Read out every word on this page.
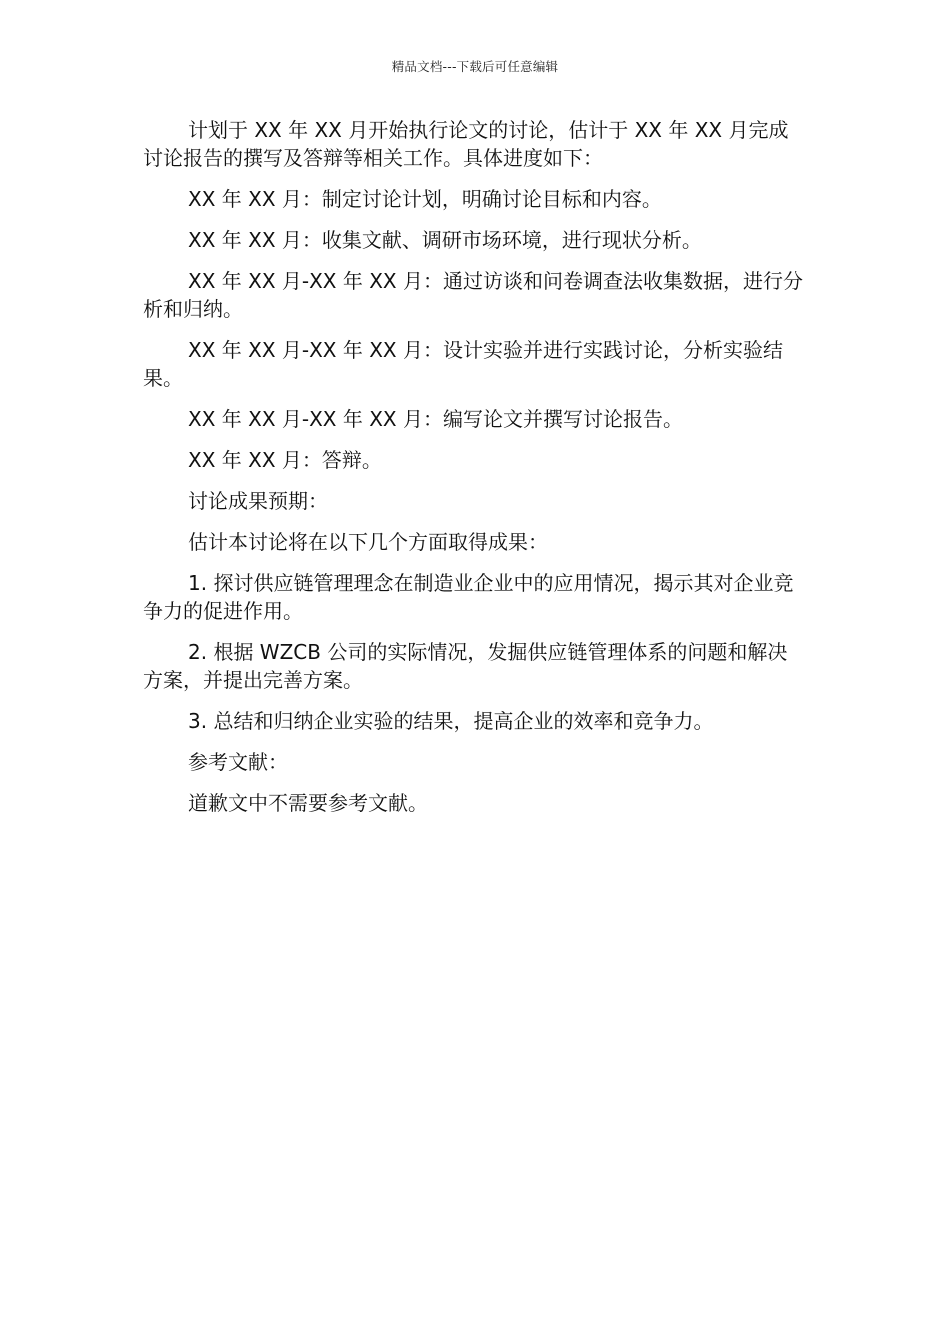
精品文档---下载后可任意编辑

计划于 XX 年 XX 月开始执行论文的讨论，估计于 XX 年 XX 月完成讨论报告的撰写及答辩等相关工作。具体进度如下：

XX 年 XX 月：制定讨论计划，明确讨论目标和内容。

XX 年 XX 月：收集文献、调研市场环境，进行现状分析。

XX 年 XX 月-XX 年 XX 月：通过访谈和问卷调查法收集数据，进行分析和归纳。

XX 年 XX 月-XX 年 XX 月：设计实验并进行实践讨论，分析实验结果。

XX 年 XX 月-XX 年 XX 月：编写论文并撰写讨论报告。

XX 年 XX 月：答辩。

讨论成果预期：

估计本讨论将在以下几个方面取得成果：

1. 探讨供应链管理理念在制造业企业中的应用情况，揭示其对企业竞争力的促进作用。

2. 根据 WZCB 公司的实际情况，发掘供应链管理体系的问题和解决方案，并提出完善方案。

3. 总结和归纳企业实验的结果，提高企业的效率和竞争力。

参考文献：

道歉文中不需要参考文献。
